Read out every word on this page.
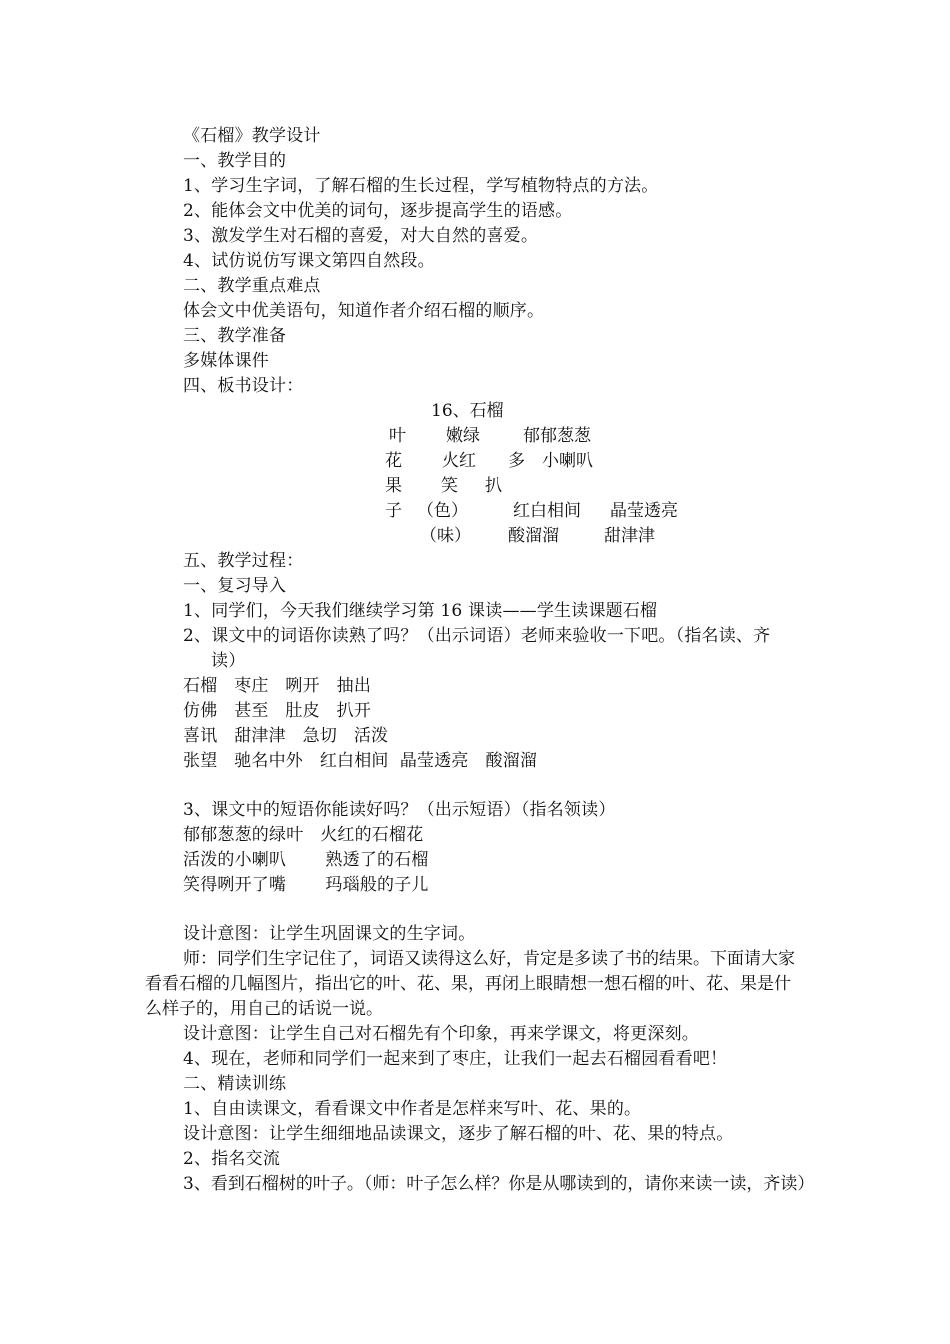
《石榴》教学设计
一、教学目的
1、学习生字词，了解石榴的生长过程，学写植物特点的方法。
2、能体会文中优美的词句，逐步提高学生的语感。
3、激发学生对石榴的喜爱，对大自然的喜爱。
4、试仿说仿写课文第四自然段。
二、教学重点难点
体会文中优美语句，知道作者介绍石榴的顺序。
三、教学准备
多媒体课件
四、板书设计：
16、石榴
叶 嫩绿	郁郁葱葱
花 火红 多 小喇叭
果 笑 扒
子 （色）	红白相间 晶莹透亮
（味） 酸溜溜	甜津津
五、教学过程：
一、复习导入
1、同学们，今天我们继续学习第 16 课读——学生读课题石榴
2、课文中的词语你读熟了吗？（出示词语）老师来验收一下吧。（指名读、齐
读）
石榴   枣庄   咧开   抽出
仿佛   甚至   肚皮   扒开
喜讯   甜津津   急切   活泼
张望   驰名中外   红白相间  晶莹透亮   酸溜溜
3、课文中的短语你能读好吗？（出示短语）（指名领读）
郁郁葱葱的绿叶   火红的石榴花
活泼的小喇叭       熟透了的石榴
笑得咧开了嘴       玛瑙般的子儿
设计意图：让学生巩固课文的生字词。
师：同学们生字记住了，词语又读得这么好，肯定是多读了书的结果。下面请大家看看石榴的几幅图片，指出它的叶、花、果，再闭上眼睛想一想石榴的叶、花、果是什么样子的，用自己的话说一说。
设计意图：让学生自己对石榴先有个印象，再来学课文，将更深刻。
4、现在，老师和同学们一起来到了枣庄，让我们一起去石榴园看看吧！
二、精读训练
1、自由读课文，看看课文中作者是怎样来写叶、花、果的。
设计意图：让学生细细地品读课文，逐步了解石榴的叶、花、果的特点。
2、指名交流
3、看到石榴树的叶子。（师：叶子怎么样？你是从哪读到的，请你来读一读，齐读）
